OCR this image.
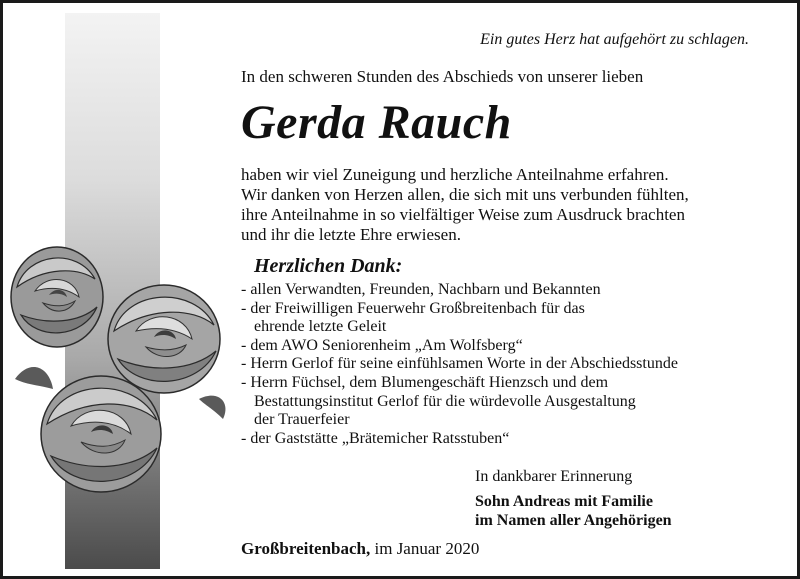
Ein gutes Herz hat aufgehört zu schlagen.
In den schweren Stunden des Abschieds von unserer lieben
Gerda Rauch
haben wir viel Zuneigung und herzliche Anteilnahme erfahren.
Wir danken von Herzen allen, die sich mit uns verbunden fühlten,
ihre Anteilnahme in so vielfältiger Weise zum Ausdruck brachten
und ihr die letzte Ehre erwiesen.
Herzlichen Dank:
- allen Verwandten, Freunden, Nachbarn und Bekannten
- der Freiwilligen Feuerwehr Großbreitenbach für das
ehrende letzte Geleit
- dem AWO Seniorenheim „Am Wolfsberg“
- Herrn Gerlof für seine einfühlsamen Worte in der Abschiedsstunde
- Herrn Füchsel, dem Blumengeschäft Hienzsch und dem
Bestattungsinstitut Gerlof für die würdevolle Ausgestaltung
der Trauerfeier
- der Gaststätte „Brätemicher Ratsstuben“
In dankbarer Erinnerung
Sohn Andreas mit Familie
im Namen aller Angehörigen
Großbreitenbach, im Januar 2020
